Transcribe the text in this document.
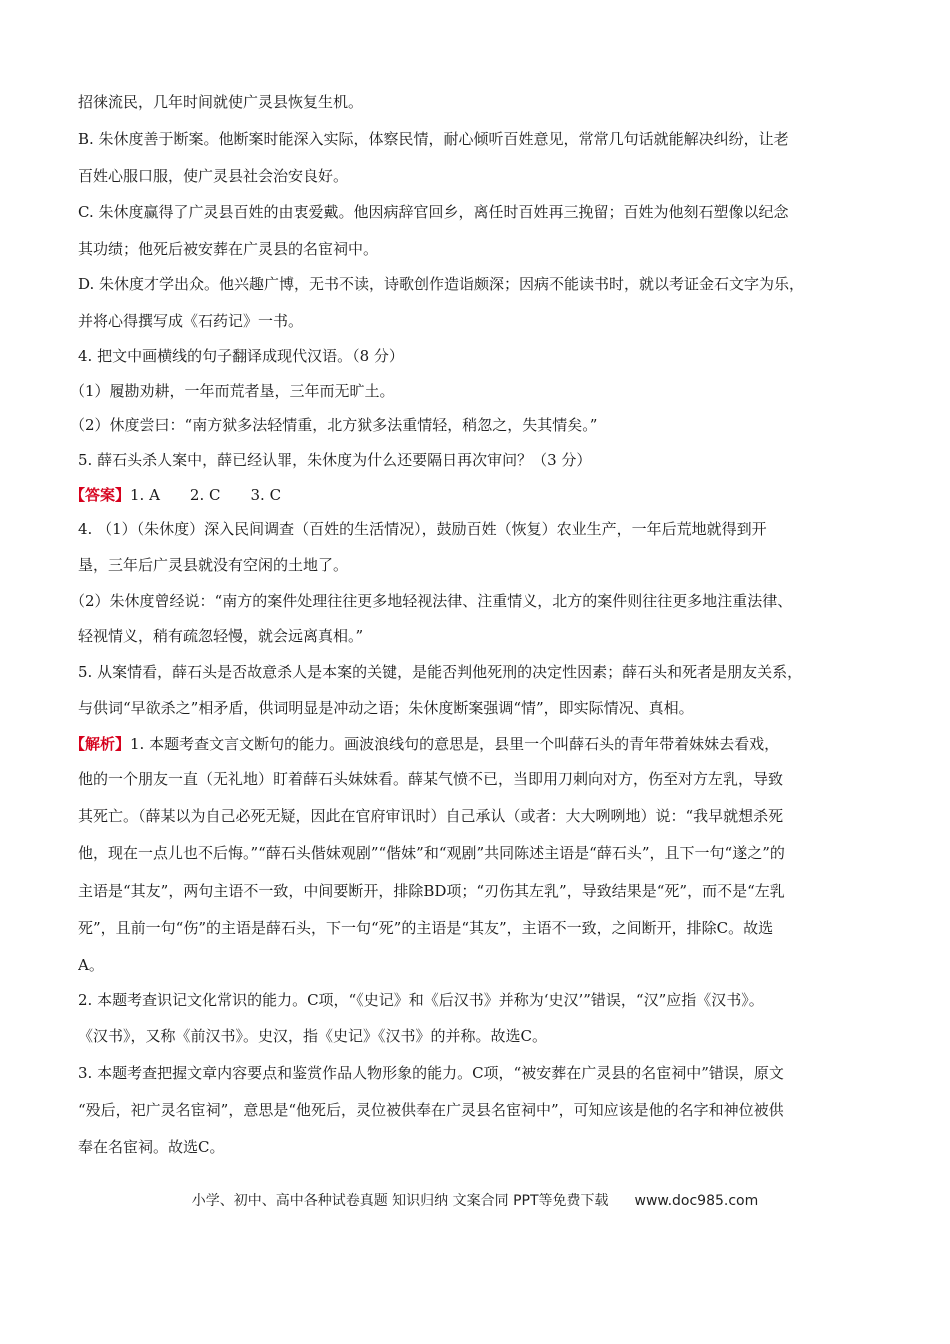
招徕流民，几年时间就使广灵县恢复生机。
B. 朱休度善于断案。他断案时能深入实际，体察民情，耐心倾听百姓意见，常常几句话就能解决纠纷，让老
百姓心服口服，使广灵县社会治安良好。
C. 朱休度赢得了广灵县百姓的由衷爱戴。他因病辞官回乡，离任时百姓再三挽留；百姓为他刻石塑像以纪念
其功绩；他死后被安葬在广灵县的名宦祠中。
D. 朱休度才学出众。他兴趣广博，无书不读，诗歌创作造诣颇深；因病不能读书时，就以考证金石文字为乐，
并将心得撰写成《石药记》一书。
4. 把文中画横线的句子翻译成现代汉语。（8 分）
（1）履勘劝耕，一年而荒者垦，三年而无旷土。
（2）休度尝曰：“南方狱多法轻情重，北方狱多法重情轻，稍忽之，失其情矣。”
5. 薛石头杀人案中，薛已经认罪，朱休度为什么还要隔日再次审问？（3 分）
【答案】1. A　　2. C　　3. C
4. （1）（朱休度）深入民间调查（百姓的生活情况），鼓励百姓（恢复）农业生产，一年后荒地就得到开
垦，三年后广灵县就没有空闲的土地了。
（2）朱休度曾经说：“南方的案件处理往往更多地轻视法律、注重情义，北方的案件则往往更多地注重法律、
轻视情义，稍有疏忽轻慢，就会远离真相。”
5. 从案情看，薛石头是否故意杀人是本案的关键，是能否判他死刑的决定性因素；薛石头和死者是朋友关系，
与供词“早欲杀之”相矛盾，供词明显是冲动之语；朱休度断案强调“情”，即实际情况、真相。
【解析】1. 本题考查文言文断句的能力。画波浪线句的意思是，县里一个叫薛石头的青年带着妹妹去看戏，
他的一个朋友一直（无礼地）盯着薛石头妹妹看。薛某气愤不已，当即用刀刺向对方，伤至对方左乳，导致
其死亡。（薛某以为自己必死无疑，因此在官府审讯时）自己承认（或者：大大咧咧地）说：“我早就想杀死
他，现在一点儿也不后悔。”“薛石头偕妹观剧”“偕妹”和“观剧”共同陈述主语是“薛石头”，且下一句“遂之”的
主语是“其友”，两句主语不一致，中间要断开，排除BD项；“刃伤其左乳”，导致结果是“死”，而不是“左乳
死”，且前一句“伤”的主语是薛石头，下一句“死”的主语是“其友”，主语不一致，之间断开，排除C。故选
A。
2. 本题考查识记文化常识的能力。C项，“《史记》和《后汉书》并称为‘史汉’”错误，“汉”应指《汉书》。
《汉书》，又称《前汉书》。史汉，指《史记》《汉书》的并称。故选C。
3. 本题考查把握文章内容要点和鉴赏作品人物形象的能力。C项，“被安葬在广灵县的名宦祠中”错误，原文
“殁后，祀广灵名宦祠”，意思是“他死后，灵位被供奉在广灵县名宦祠中”，可知应该是他的名字和神位被供
奉在名宦祠。故选C。
小学、初中、高中各种试卷真题 知识归纳 文案合同 PPT等免费下载 www.doc985.com
